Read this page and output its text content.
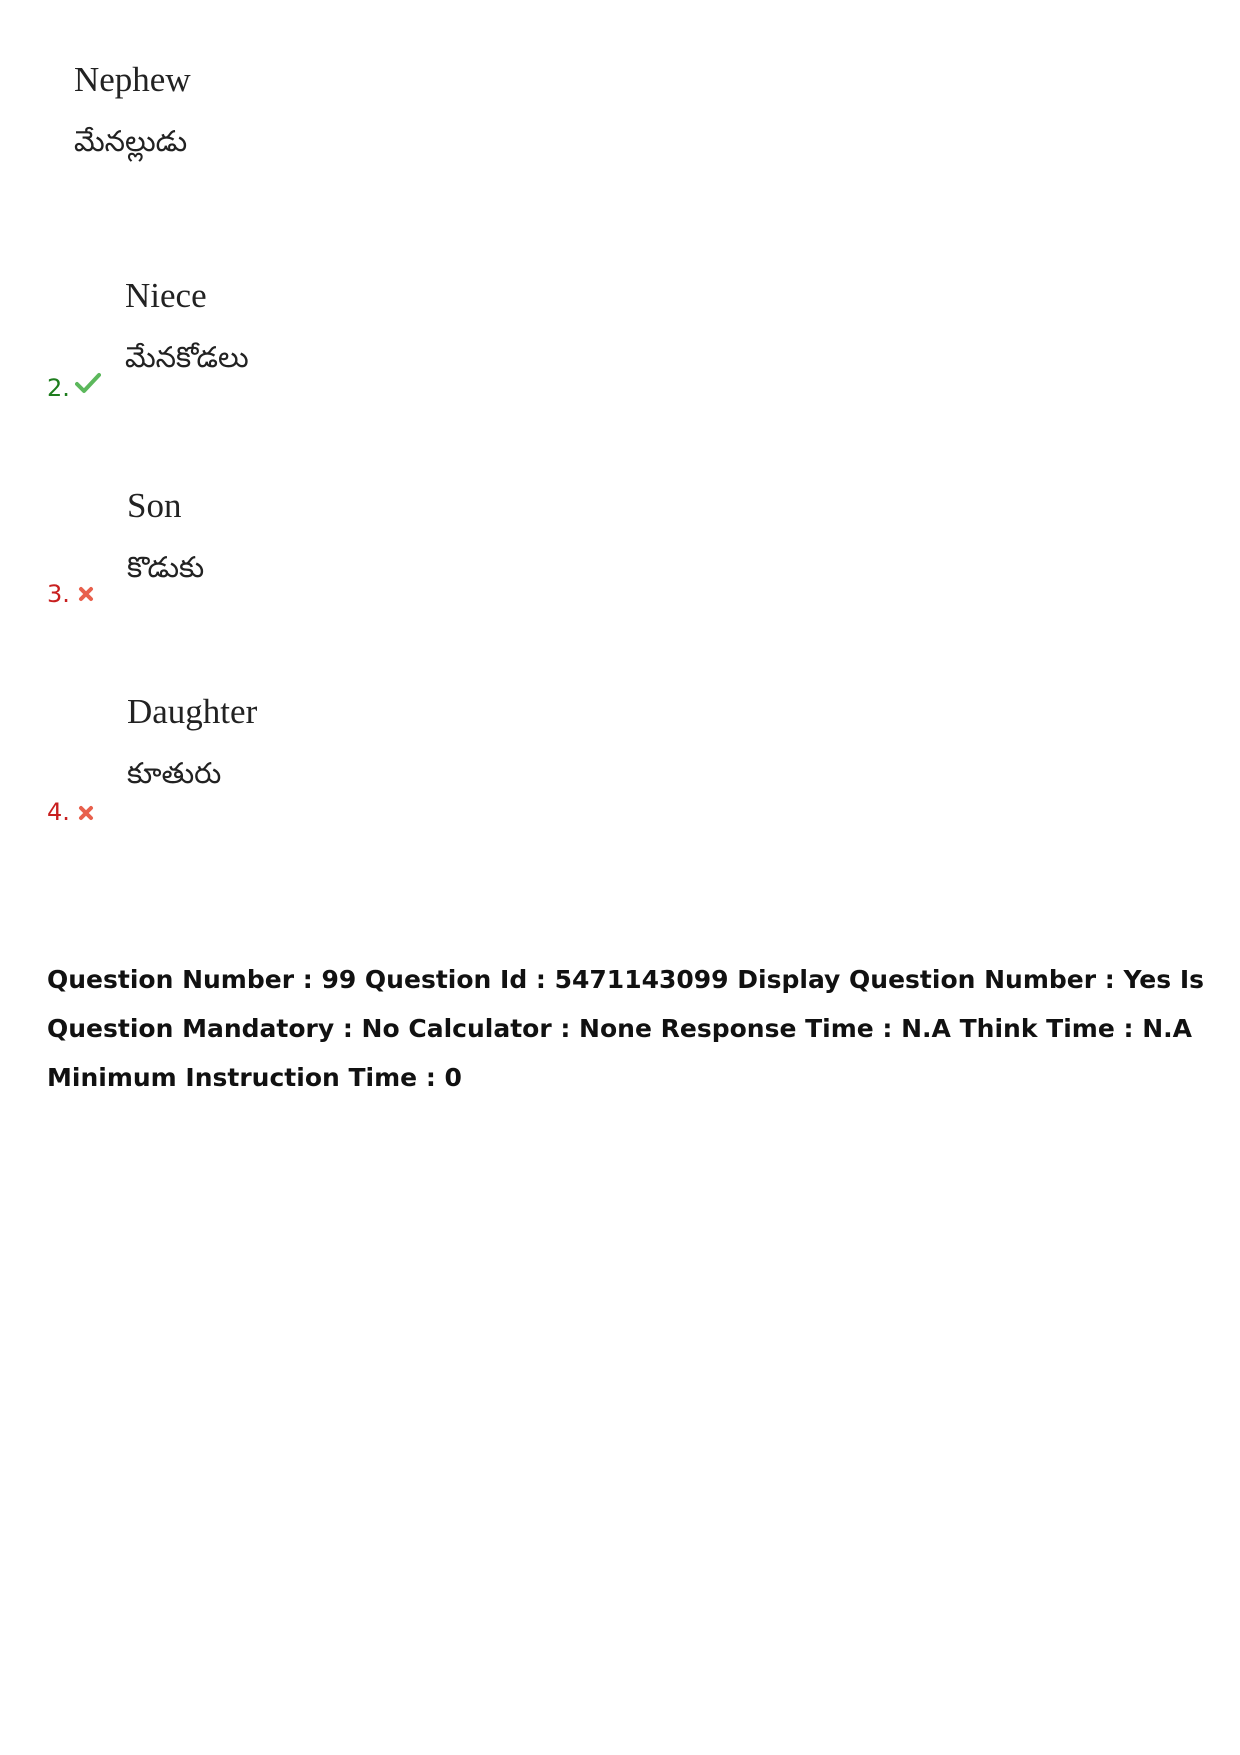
Nephew
మేనల్లుడు
2.
Niece
మేనకోడలు
3.
Son
కొడుకు
4.
Daughter
కూతురు
Question Number : 99 Question Id : 5471143099 Display Question Number : Yes Is Question Mandatory : No Calculator : None Response Time : N.A Think Time : N.A Minimum Instruction Time : 0
